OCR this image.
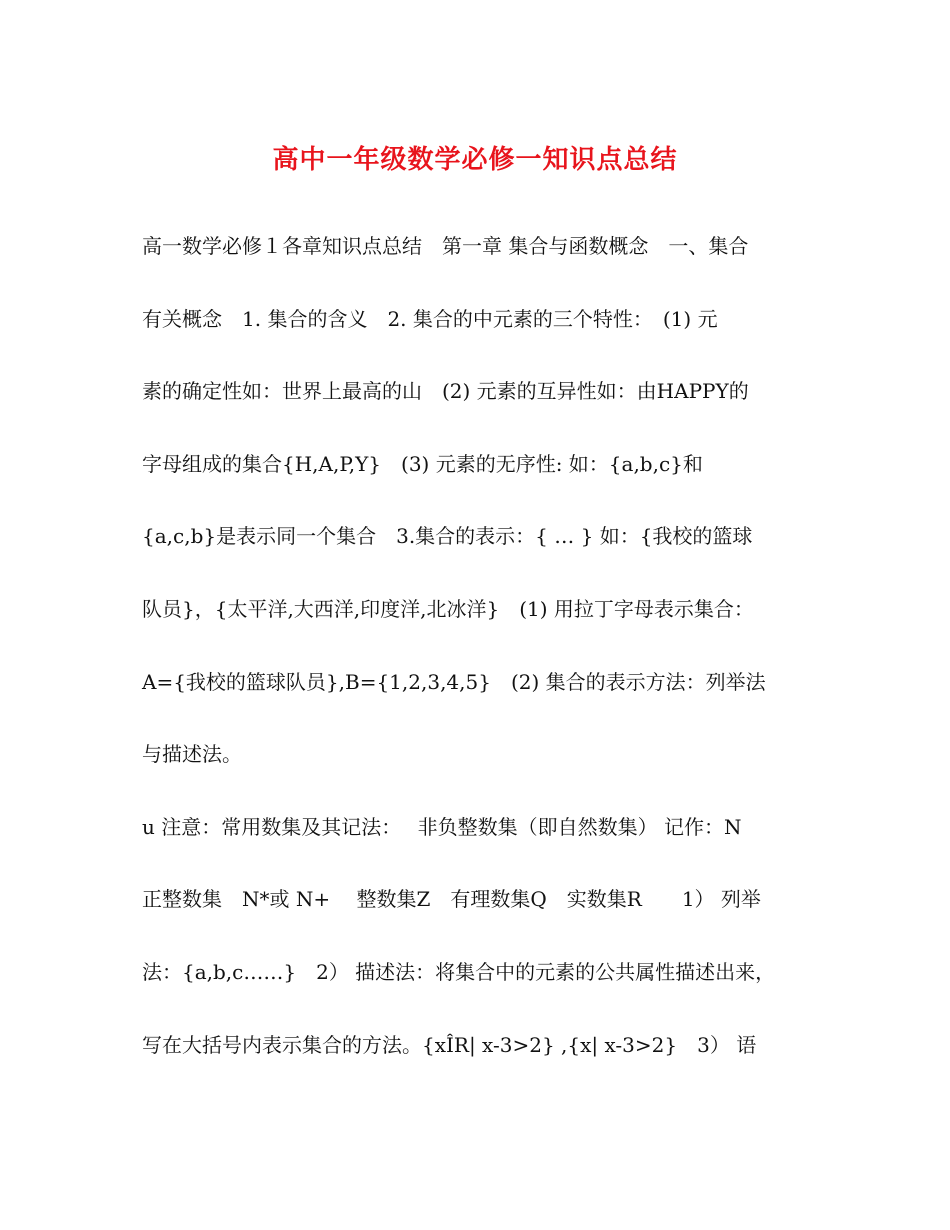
高中一年级数学必修一知识点总结
高一数学必修１各章知识点总结　第一章 集合与函数概念　一、集合
有关概念　1. 集合的含义　2. 集合的中元素的三个特性：　(1) 元
素的确定性如：世界上最高的山　(2) 元素的互异性如：由HAPPY的
字母组成的集合{H,A,P,Y}　(3) 元素的无序性: 如：{a,b,c}和
{a,c,b}是表示同一个集合　3.集合的表示：{ … } 如：{我校的篮球
队员}，{太平洋,大西洋,印度洋,北冰洋}　(1) 用拉丁字母表示集合：
A={我校的篮球队员},B={1,2,3,4,5}　(2) 集合的表示方法：列举法
与描述法。
u 注意：常用数集及其记法：　 非负整数集（即自然数集） 记作：N
正整数集　N*或 N+　 整数集Z　有理数集Q　实数集R　　1） 列举
法：{a,b,c……}　2） 描述法：将集合中的元素的公共属性描述出来，
写在大括号内表示集合的方法。{xÎR| x-3>2} ,{x| x-3>2}　3） 语
